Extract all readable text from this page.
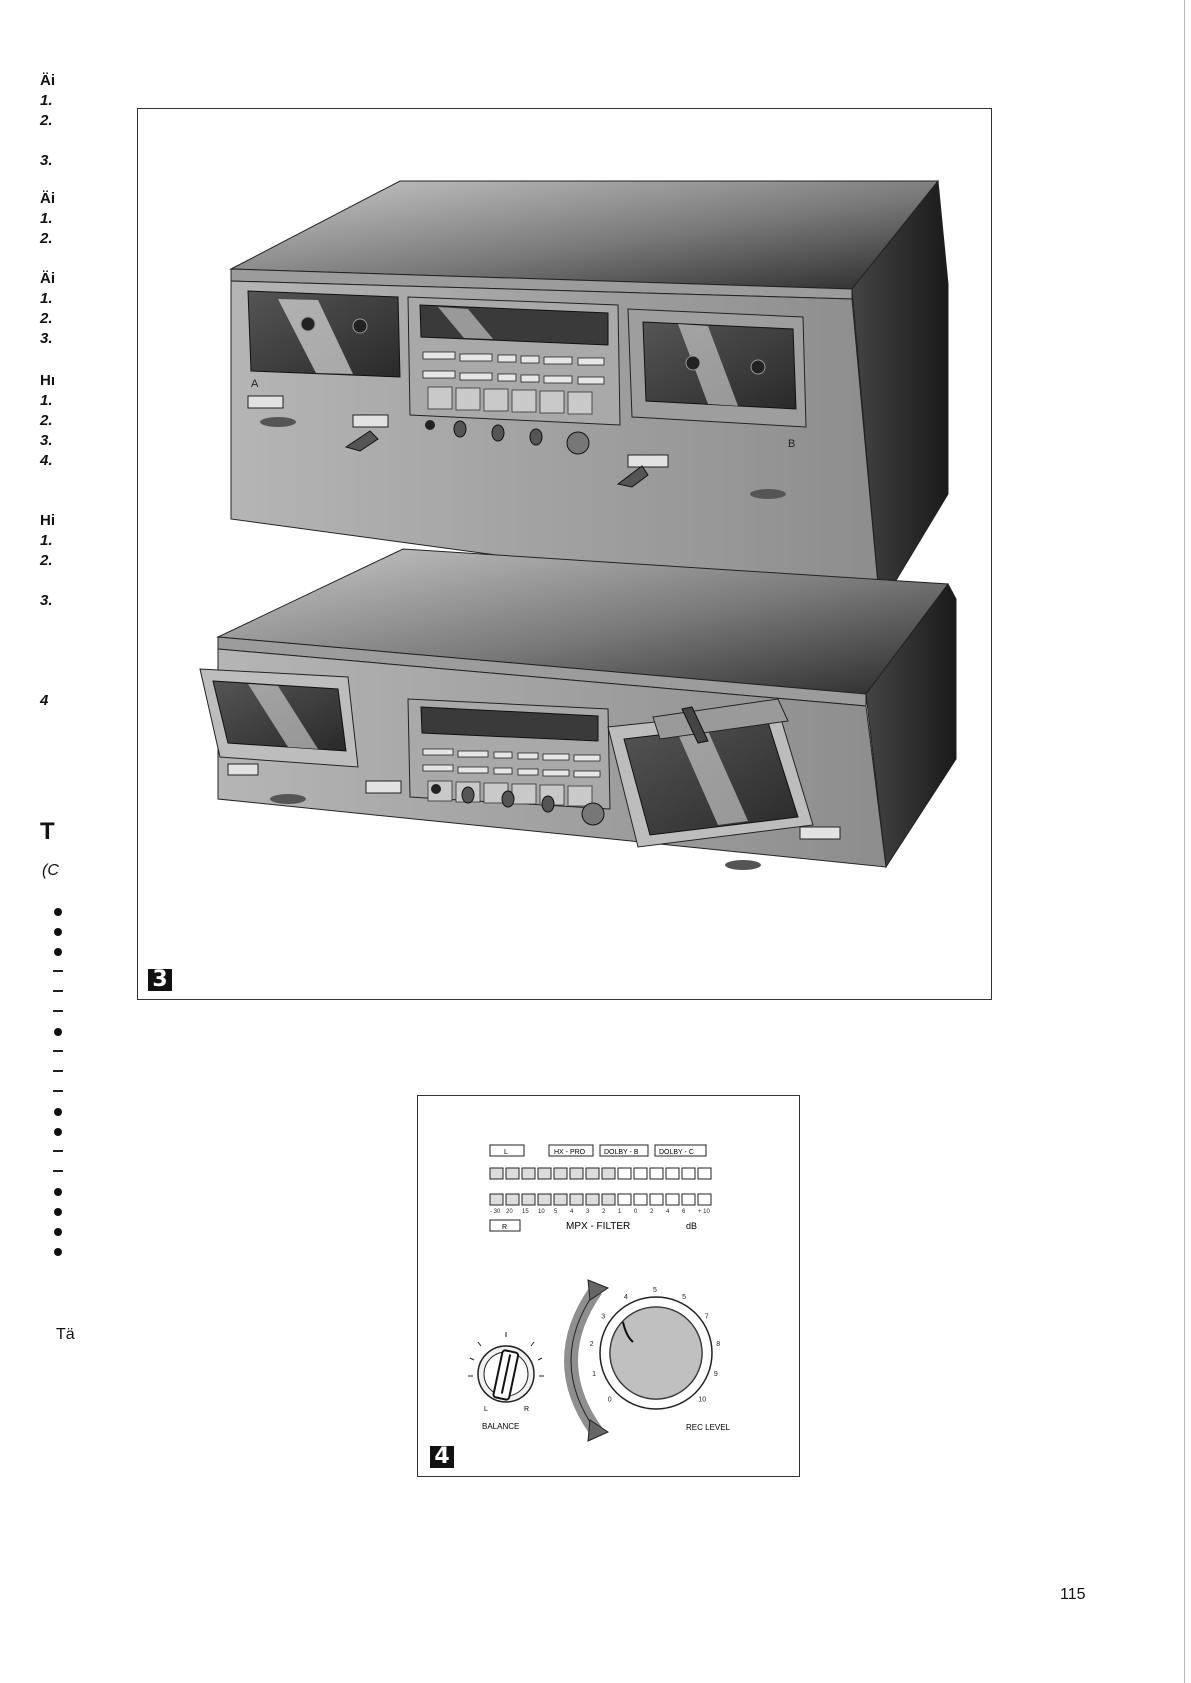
Äi
1.
2.
3.
Äi
1.
2.
Äi
1.
2.
3.
Hı
1.
2.
3.
4.
Hi
1.
2.
3.
4
T
(C
Tä
A
B
3
L	HX - PRO	DOLBY - B	DOLBY - C
- 30 20 15 10 5 4 3 2 1 0 2 4 6 + 10
R	MPX - FILTER	dB
L	R
BALANCE
0
1
2
3
4
5
5
7
8
9
10
REC LEVEL
4
115
